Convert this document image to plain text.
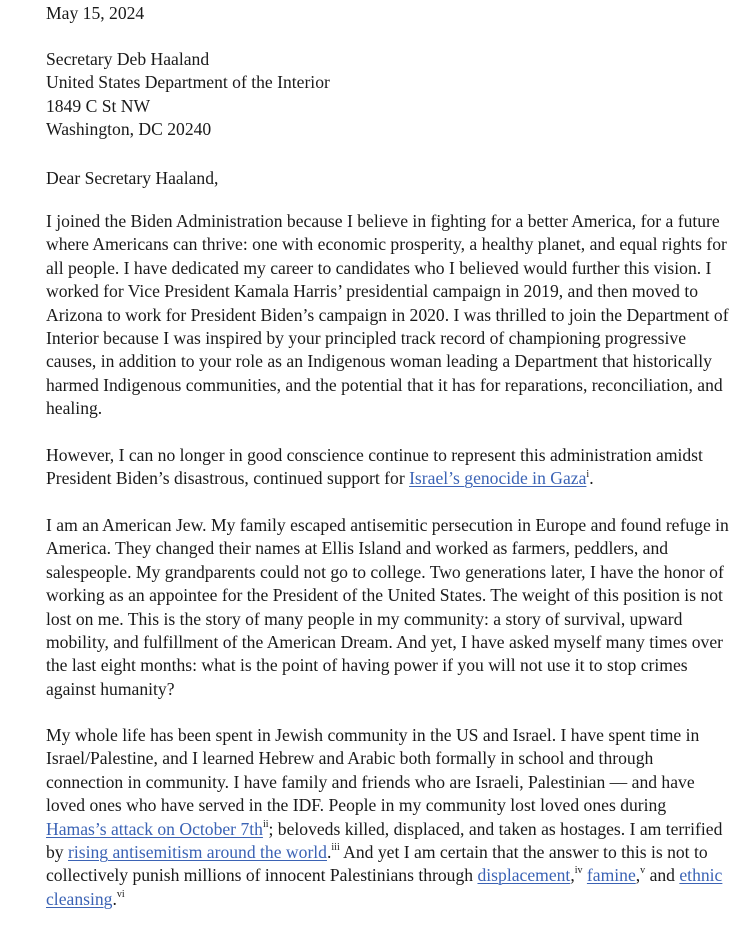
May 15, 2024
Secretary Deb Haaland
United States Department of the Interior
1849 C St NW
Washington, DC 20240
Dear Secretary Haaland,
I joined the Biden Administration because I believe in fighting for a better America, for a future
where Americans can thrive: one with economic prosperity, a healthy planet, and equal rights for
all people. I have dedicated my career to candidates who I believed would further this vision. I
worked for Vice President Kamala Harris’ presidential campaign in 2019, and then moved to
Arizona to work for President Biden’s campaign in 2020. I was thrilled to join the Department of
Interior because I was inspired by your principled track record of championing progressive
causes, in addition to your role as an Indigenous woman leading a Department that historically
harmed Indigenous communities, and the potential that it has for reparations, reconciliation, and
healing.
However, I can no longer in good conscience continue to represent this administration amidst
President Biden’s disastrous, continued support for Israel’s genocide in Gaza$^i$.
I am an American Jew. My family escaped antisemitic persecution in Europe and found refuge in
America. They changed their names at Ellis Island and worked as farmers, peddlers, and
salespeople. My grandparents could not go to college. Two generations later, I have the honor of
working as an appointee for the President of the United States. The weight of this position is not
lost on me. This is the story of many people in my community: a story of survival, upward
mobility, and fulfillment of the American Dream. And yet, I have asked myself many times over
the last eight months: what is the point of having power if you will not use it to stop crimes
against humanity?
My whole life has been spent in Jewish community in the US and Israel. I have spent time in
Israel/Palestine, and I learned Hebrew and Arabic both formally in school and through
connection in community. I have family and friends who are Israeli, Palestinian — and have
loved ones who have served in the IDF. People in my community lost loved ones during
Hamas’s attack on October 7th$^{ii}$; beloveds killed, displaced, and taken as hostages. I am terrified
by rising antisemitism around the world.$^{iii}$ And yet I am certain that the answer to this is not to
collectively punish millions of innocent Palestinians through displacement,$^{iv}$ famine,$^v$ and ethnic
cleansing.$^{vi}$
